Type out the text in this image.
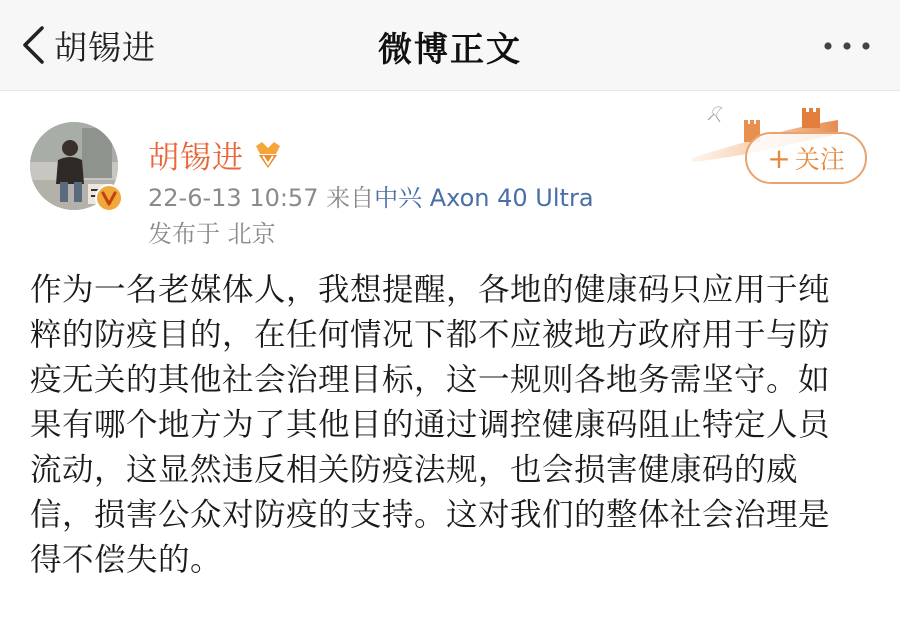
胡锡进	微博正文
胡锡进
22-6-13 10:57 来自中兴 Axon 40 Ultra
发布于 北京
+ 关注
作为一名老媒体人，我想提醒，各地的健康码只应用于纯粹的防疫目的，在任何情况下都不应被地方政府用于与防疫无关的其他社会治理目标，这一规则各地务需坚守。如果有哪个地方为了其他目的通过调控健康码阻止特定人员流动，这显然违反相关防疫法规，也会损害健康码的威信，损害公众对防疫的支持。这对我们的整体社会治理是得不偿失的。
